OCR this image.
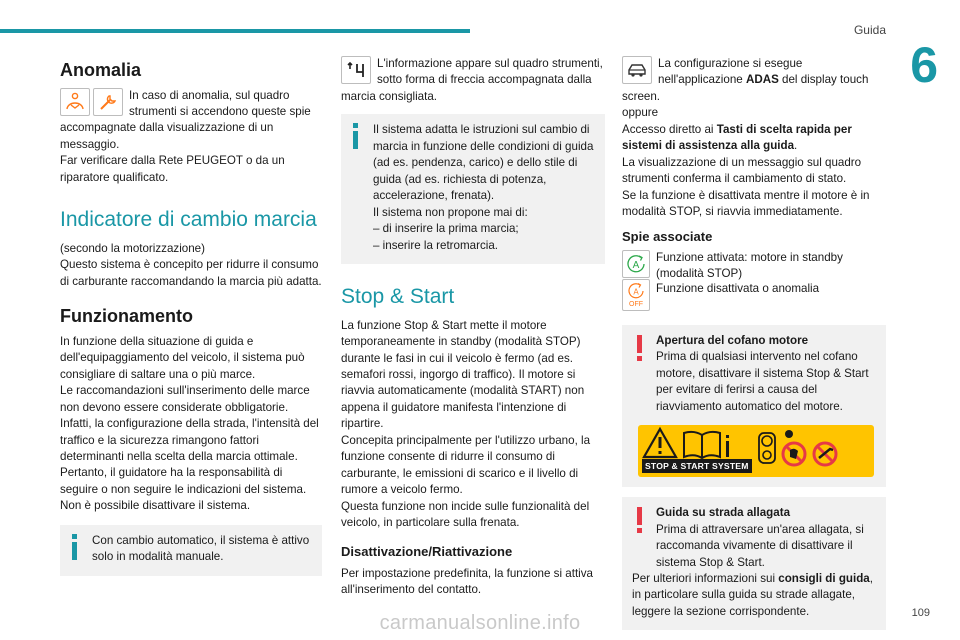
Guida
6
Anomalia

In caso di anomalia, sul quadro strumenti si accendono queste spie accompagnate dalla visualizzazione di un messaggio.

Far verificare dalla Rete PEUGEOT o da un riparatore qualificato.

Indicatore di cambio marcia

(secondo la motorizzazione)

Questo sistema è concepito per ridurre il consumo di carburante raccomandando la marcia più adatta.

Funzionamento

In funzione della situazione di guida e dell'equipaggiamento del veicolo, il sistema può consigliare di saltare una o più marce.

Le raccomandazioni sull'inserimento delle marce non devono essere considerate obbligatorie.

Infatti, la configurazione della strada, l'intensità del traffico e la sicurezza rimangono fattori determinanti nella scelta della marcia ottimale. Pertanto, il guidatore ha la responsabilità di seguire o non seguire le indicazioni del sistema.

Non è possibile disattivare il sistema.

Con cambio automatico, il sistema è attivo solo in modalità manuale.

L'informazione appare sul quadro strumenti, sotto forma di freccia accompagnata dalla marcia consigliata.

Il sistema adatta le istruzioni sul cambio di marcia in funzione delle condizioni di guida (ad es. pendenza, carico) e dello stile di guida (ad es. richiesta di potenza, accelerazione, frenata).

Il sistema non propone mai di:

– di inserire la prima marcia;

– inserire la retromarcia.

Stop & Start

La funzione Stop & Start mette il motore temporaneamente in standby (modalità STOP) durante le fasi in cui il veicolo è fermo (ad es. semafori rossi, ingorgo di traffico). Il motore si riavvia automaticamente (modalità START) non appena il guidatore manifesta l'intenzione di ripartire.

Concepita principalmente per l'utilizzo urbano, la funzione consente di ridurre il consumo di carburante, le emissioni di scarico e il livello di rumore a veicolo fermo.

Questa funzione non incide sulle funzionalità del veicolo, in particolare sulla frenata.

Disattivazione/Riattivazione

Per impostazione predefinita, la funzione si attiva all'inserimento del contatto.

La configurazione si esegue nell'applicazione ADAS del display touch screen.

oppure

Accesso diretto ai Tasti di scelta rapida per sistemi di assistenza alla guida.

La visualizzazione di un messaggio sul quadro strumenti conferma il cambiamento di stato.

Se la funzione è disattivata mentre il motore è in modalità STOP, si riavvia immediatamente.

Spie associate
A
Funzione attivata: motore in standby (modalità STOP)
A
OFF
Funzione disattivata o anomalia

Apertura del cofano motore

Prima di qualsiasi intervento nel cofano motore, disattivare il sistema Stop & Start per evitare di ferirsi a causa del riavviamento automatico del motore.

STOP & START SYSTEM

Guida su strada allagata

Prima di attraversare un'area allagata, si raccomanda vivamente di disattivare il sistema Stop & Start.

Per ulteriori informazioni sui consigli di guida, in particolare sulla guida su strade allagate, leggere la sezione corrispondente.	109
carmanualsonline.info
